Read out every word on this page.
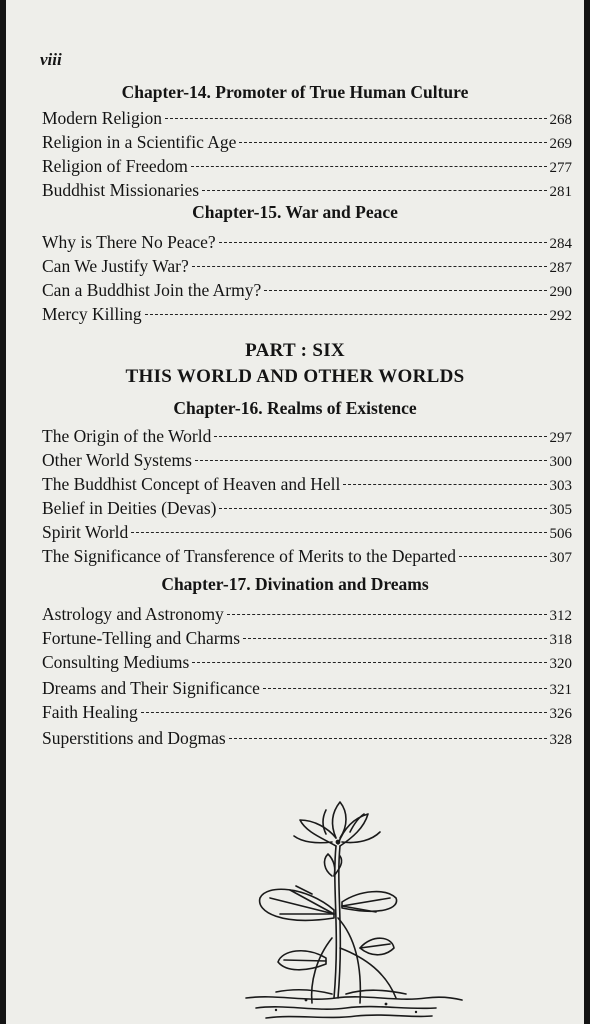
viii
Chapter-14. Promoter of True Human Culture
Modern Religion	268
Religion in a Scientific Age	269
Religion of Freedom	277
Buddhist Missionaries	281
Chapter-15. War and Peace
Why is There No Peace?	284
Can We Justify War?	287
Can a Buddhist Join the Army?	290
Mercy Killing	292
PART : SIX
THIS WORLD AND OTHER WORLDS
Chapter-16. Realms of Existence
The Origin of the World	297
Other World Systems	300
The Buddhist Concept of Heaven and Hell	303
Belief in Deities (Devas)	305
Spirit World	506
The Significance of Transference of Merits to the Departed	307
Chapter-17. Divination and Dreams
Astrology and Astronomy	312
Fortune-Telling and Charms	318
Consulting Mediums	320
Dreams and Their Significance	321
Faith Healing	326
Superstitions and Dogmas	328
